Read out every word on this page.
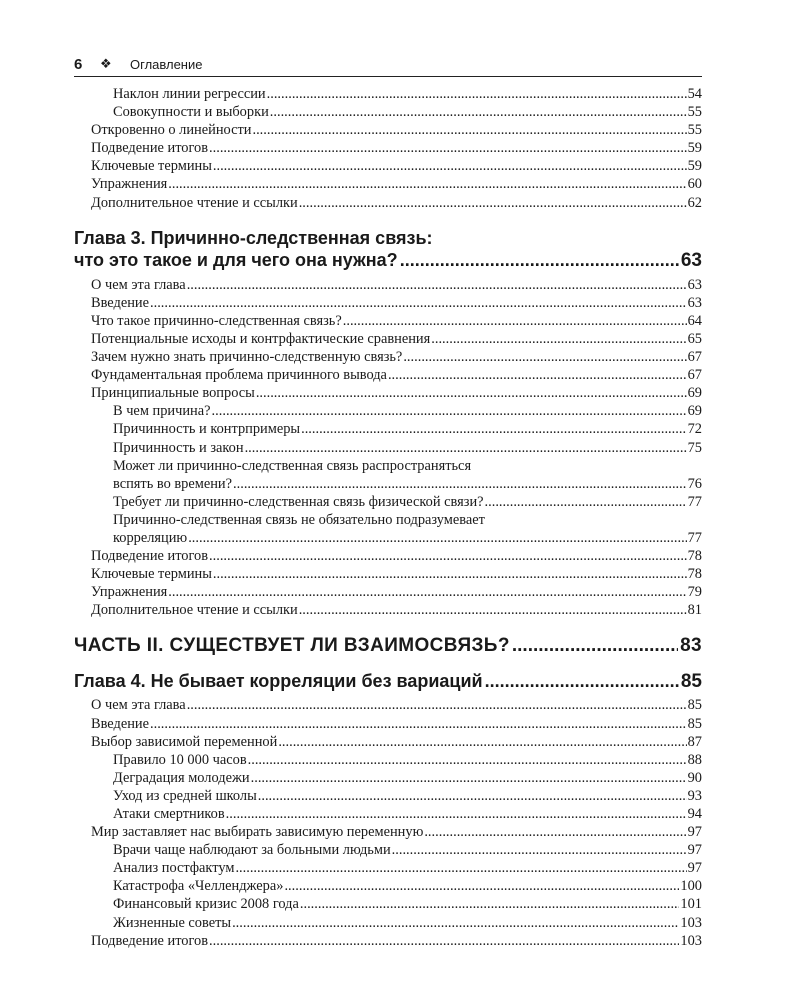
6	❖	Оглавление
Наклон линии регрессии .....	54
Совокупности и выборки .....	55
Откровенно о линейности .....	55
Подведение итогов .....	59
Ключевые термины .....	59
Упражнения .....	60
Дополнительное чтение и ссылки .....	62
Глава 3. Причинно-следственная связь:
что это такое и для чего она нужна? .....	63
О чем эта глава .....	63
Введение .....	63
Что такое причинно-следственная связь? .....	64
Потенциальные исходы и контрфактические сравнения .....	65
Зачем нужно знать причинно-следственную связь? .....	67
Фундаментальная проблема причинного вывода .....	67
Принципиальные вопросы .....	69
В чем причина? .....	69
Причинность и контрпримеры .....	72
Причинность и закон .....	75
Может ли причинно-следственная связь распространяться
вспять во времени? .....	76
Требует ли причинно-следственная связь физической связи? .....	77
Причинно-следственная связь не обязательно подразумевает
корреляцию .....	77
Подведение итогов .....	78
Ключевые термины .....	78
Упражнения .....	79
Дополнительное чтение и ссылки .....	81
ЧАСТЬ II. СУЩЕСТВУЕТ ЛИ ВЗАИМОСВЯЗЬ? .....	83
Глава 4. Не бывает корреляции без вариаций .....	85
О чем эта глава .....	85
Введение .....	85
Выбор зависимой переменной .....	87
Правило 10 000 часов .....	88
Деградация молодежи .....	90
Уход из средней школы .....	93
Атаки смертников .....	94
Мир заставляет нас выбирать зависимую переменную .....	97
Врачи чаще наблюдают за больными людьми .....	97
Анализ постфактум .....	97
Катастрофа «Челленджера» .....	100
Финансовый кризис 2008 года .....	101
Жизненные советы .....	103
Подведение итогов .....	103
